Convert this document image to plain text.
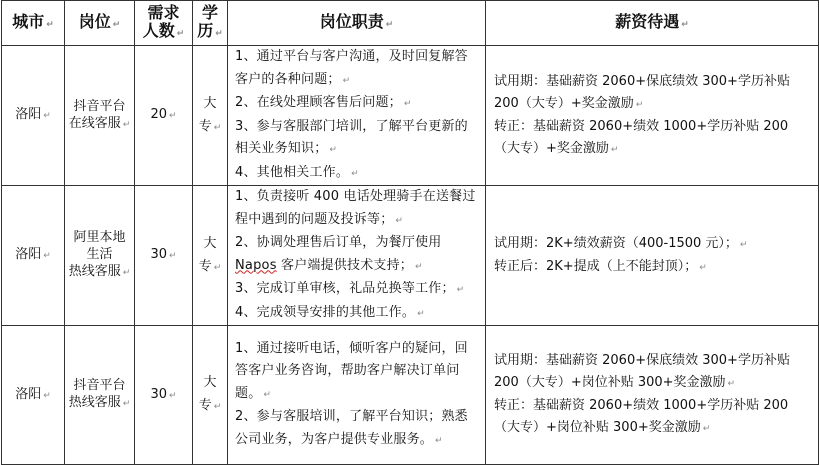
城市 ↵	岗位 ↵	需求
人数 ↵	学
历 ↵	岗位职责 ↵	薪资待遇 ↵
洛阳 ↵	抖音平台
在线客服 ↵	20 ↵	大
专 ↵	1、通过平台与客户沟通，及时回复解答客户的各种问题； ↵
2、在线处理顾客售后问题； ↵
3、参与客服部门培训，了解平台更新的相关业务知识； ↵
4、其他相关工作。 ↵	试用期：基础薪资 2060+保底绩效 300+学历补贴 200（大专）+奖金激励 ↵
转正：基础薪资 2060+绩效 1000+学历补贴 200（大专）+奖金激励 ↵

洛阳 ↵	阿里本地
生活
热线客服 ↵	30 ↵	大
专 ↵	1、负责接听 400 电话处理骑手在送餐过程中遇到的问题及投诉等； ↵
2、协调处理售后订单，为餐厅使用 Napos 客户端提供技术支持； ↵
3、完成订单审核，礼品兑换等工作； ↵
4、完成领导安排的其他工作。 ↵	试用期：2K+绩效薪资（400-1500 元）； ↵
转正后：2K+提成（上不能封顶）； ↵

洛阳 ↵	抖音平台
热线客服 ↵	30 ↵	大
专 ↵	1、通过接听电话，倾听客户的疑问，回答客户业务咨询，帮助客户解决订单问题。 ↵
2、参与客服培训，了解平台知识；熟悉公司业务，为客户提供专业服务。 ↵	试用期：基础薪资 2060+保底绩效 300+学历补贴 200（大专）+岗位补贴 300+奖金激励 ↵
转正：基础薪资 2060+绩效 1000+学历补贴 200（大专）+岗位补贴 300+奖金激励 ↵
